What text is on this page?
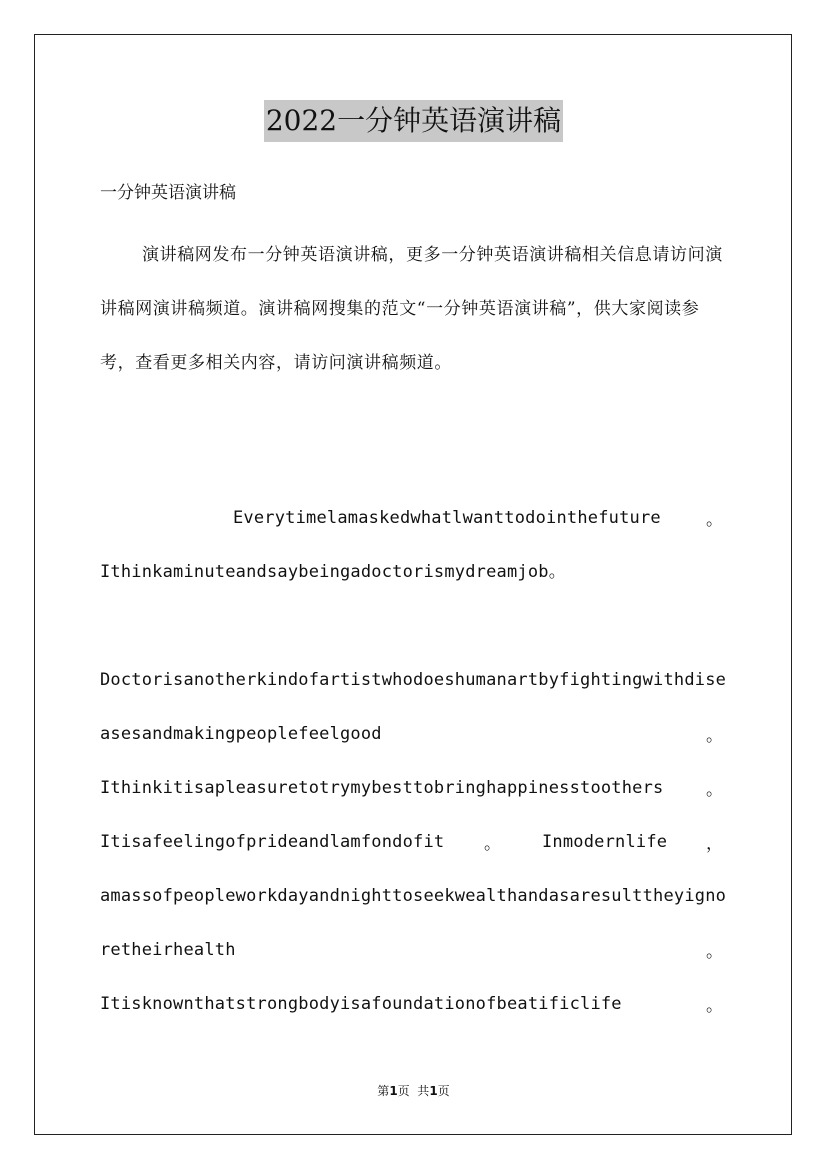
2022一分钟英语演讲稿
一分钟英语演讲稿

演讲稿网发布一分钟英语演讲稿，更多一分钟英语演讲稿相关信息请访问演讲稿网演讲稿频道。演讲稿网搜集的范文“一分钟英语演讲稿”，供大家阅读参考，查看更多相关内容，请访问演讲稿频道。

Everytimelamaskedwhatlwanttodointhefuture	。
Ithinkaminuteandsaybeingadoctorismydreamjob。
Doctorisanotherkindofartistwhodoeshumanartbyfightingwithdise
asesandmakingpeoplefeelgood	。
Ithinkitisapleasuretotrymybesttobringhappinesstoothers	。
Itisafeelingofprideandlamfondofit 。 Inmodernlife ，
amassofpeopleworkdayandnighttoseekwealthandasaresulttheyigno
retheirhealth	。
Itisknownthatstrongbodyisafoundationofbeatificlife	。
第1页  共1页
